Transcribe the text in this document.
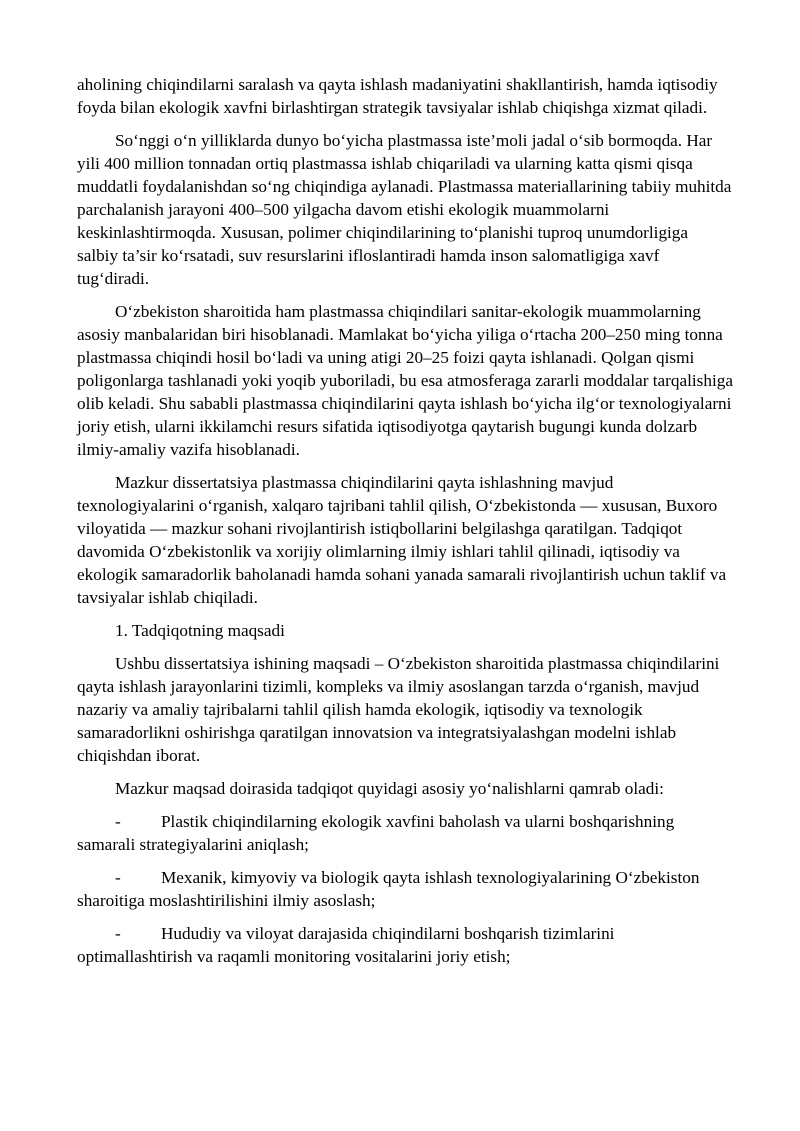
aholining chiqindilarni saralash va qayta ishlash madaniyatini shakllantirish, hamda iqtisodiy foyda bilan ekologik xavfni birlashtirgan strategik tavsiyalar ishlab chiqishga xizmat qiladi.

So‘nggi o‘n yilliklarda dunyo bo‘yicha plastmassa iste’moli jadal o‘sib bormoqda. Har yili 400 million tonnadan ortiq plastmassa ishlab chiqariladi va ularning katta qismi qisqa muddatli foydalanishdan so‘ng chiqindiga aylanadi. Plastmassa materiallarining tabiiy muhitda parchalanish jarayoni 400–500 yilgacha davom etishi ekologik muammolarni keskinlashtirmoqda. Xususan, polimer chiqindilarining to‘planishi tuproq unumdorligiga salbiy ta’sir ko‘rsatadi, suv resurslarini ifloslantiradi hamda inson salomatligiga xavf tug‘diradi.

O‘zbekiston sharoitida ham plastmassa chiqindilari sanitar-ekologik muammolarning asosiy manbalaridan biri hisoblanadi. Mamlakat bo‘yicha yiliga o‘rtacha 200–250 ming tonna plastmassa chiqindi hosil bo‘ladi va uning atigi 20–25 foizi qayta ishlanadi. Qolgan qismi poligonlarga tashlanadi yoki yoqib yuboriladi, bu esa atmosferaga zararli moddalar tarqalishiga olib keladi. Shu sababli plastmassa chiqindilarini qayta ishlash bo‘yicha ilg‘or texnologiyalarni joriy etish, ularni ikkilamchi resurs sifatida iqtisodiyotga qaytarish bugungi kunda dolzarb ilmiy-amaliy vazifa hisoblanadi.

Mazkur dissertatsiya plastmassa chiqindilarini qayta ishlashning mavjud texnologiyalarini o‘rganish, xalqaro tajribani tahlil qilish, O‘zbekistonda — xususan, Buxoro viloyatida — mazkur sohani rivojlantirish istiqbollarini belgilashga qaratilgan. Tadqiqot davomida O‘zbekistonlik va xorijiy olimlarning ilmiy ishlari tahlil qilinadi, iqtisodiy va ekologik samaradorlik baholanadi hamda sohani yanada samarali rivojlantirish uchun taklif va tavsiyalar ishlab chiqiladi.

1. Tadqiqotning maqsadi

Ushbu dissertatsiya ishining maqsadi – O‘zbekiston sharoitida plastmassa chiqindilarini qayta ishlash jarayonlarini tizimli, kompleks va ilmiy asoslangan tarzda o‘rganish, mavjud nazariy va amaliy tajribalarni tahlil qilish hamda ekologik, iqtisodiy va texnologik samaradorlikni oshirishga qaratilgan innovatsion va integratsiyalashgan modelni ishlab chiqishdan iborat.

Mazkur maqsad doirasida tadqiqot quyidagi asosiy yo‘nalishlarni qamrab oladi:

- Plastik chiqindilarning ekologik xavfini baholash va ularni boshqarishning samarali strategiyalarini aniqlash;

- Mexanik, kimyoviy va biologik qayta ishlash texnologiyalarining O‘zbekiston sharoitiga moslashtirilishini ilmiy asoslash;

- Hududiy va viloyat darajasida chiqindilarni boshqarish tizimlarini optimallashtirish va raqamli monitoring vositalarini joriy etish;
